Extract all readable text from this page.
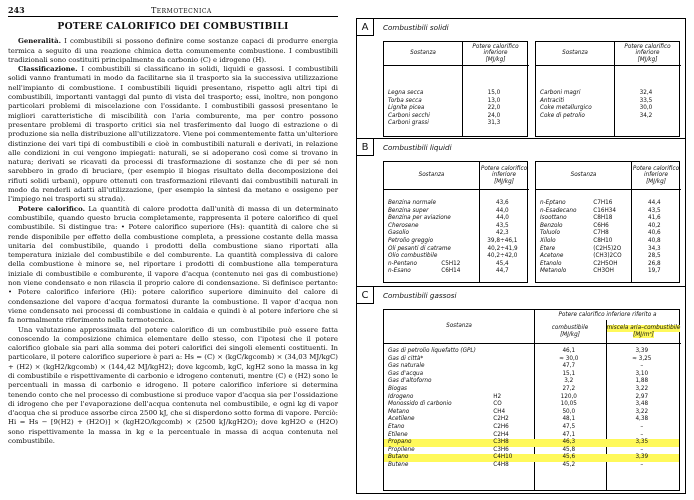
243	Termotecnica
POTERE CALORIFICO DEI COMBUSTIBILI

Generalità. I combustibili si possono definire come sostanze capaci di produrre energia termica a seguito di una reazione chimica detta comunemente combustione. I combustibili tradizionali sono costituiti principalmente da carbonio (C) e idrogeno (H).

Classificazione. I combustibili si classificano in solidi, liquidi e gassosi. I combustibili solidi vanno frantumati in modo da facilitarne sia il trasporto sia la successiva utilizzazione nell'impianto di combustione. I combustibili liquidi presentano, rispetto agli altri tipi di combustibili, importanti vantaggi dal punto di vista del trasporto; essi, inoltre, non pongono particolari problemi di miscelazione con l'ossidante. I combustibili gassosi presentano le migliori caratteristiche di miscibilità con l'aria comburente, ma per contro possono presentare problemi di trasporto critici sia nel trasferimento dal luogo di estrazione o di produzione sia nella distribuzione all'utilizzatore. Viene poi commentemente fatta un'ulteriore distinzione dei vari tipi di combustibili e cioè in combustibili naturali e derivati, in relazione alle condizioni in cui vengono impiegati: naturali, se si adoperano così come si trovano in natura; derivati se ricavati da processi di trasformazione di sostanze che di per sé non sarebbero in grado di bruciare, (per esempio il biogas risultato della decomposizione dei rifiuti solidi urbani), oppure ottenuti con trasformazioni rilevanti dai combustibili naturali in modo da renderli adatti all'utilizzazione, (per esempio la sintesi da metano e ossigeno per l'impiego nei trasporti su strada).

Potere calorifico. La quantità di calore prodotta dall'unità di massa di un determinato combustibile, quando questo brucia completamente, rappresenta il potere calorifico di quel combustibile. Si distingue tra: • Potere calorifico superiore (Hs): quantità di calore che si rende disponibile per effetto della combustione completa, a pressione costante della massa unitaria del combustibile, quando i prodotti della combustione siano riportati alla temperatura iniziale del combustibile e del comburente. La quantità complessiva di calore della combustione è minore se, nel riportare i prodotti di combustione alla temperatura iniziale di combustibile e comburente, il vapore d'acqua (contenuto nei gas di combustione) non viene condensato e non rilascia il proprio calore di condensazione. Si definisce pertanto: • Potere calorifico inferiore (Hi): potere calorifico superiore diminuito del calore di condensazione del vapore d'acqua formatosi durante la combustione. Il vapor d'acqua non viene condensato nei processi di combustione in caldaia e quindi è al potere inferiore che si fa normalmente riferimento nella termotecnica.

Una valutazione approssimata del potere calorifico di un combustibile può essere fatta conoscendo la composizione chimica elementare dello stesso, con l'ipotesi che il potere calorifico globale sia pari alla somma dei poteri calorifici dei singoli elementi costituenti. In particolare, il potere calorifico superiore è pari a: Hs = (C) × (kgC/kgcomb) × (34,03 MJ/kgC) + (H2) × (kgH2/kgcomb) × (144,42 MJ/kgH2); dove kgcomb, kgC, kgH2 sono la massa in kg di combustibile e rispettivamente di carbonio e idrogeno contenuti, mentre (C) e (H2) sono le percentuali in massa di carbonio e idrogeno. Il potere calorifico inferiore si determina tenendo conto che nel processo di combustione si produce vapor d'acqua sia per l'ossidazione di idrogeno che per l'evaporazione dell'acqua contenuta nel combustibile, e ogni kg di vapor d'acqua che si produce assorbe circa 2500 kJ, che si disperdono sotto forma di vapore. Perciò: Hi = Hs − [9(H2) + (H2O)] × (kgH2O/kgcomb) × (2500 kJ/kgH2O); dove kgH2O e (H2O) sono rispettivamente la massa in kg e la percentuale in massa di acqua contenuta nel combustibile.

A	Combustibili solidi
Sostanza
Potere calorifico inferiore
[MJ/kg]
Legna secca	15,0
Torba secca	13,0
Lignite picea	22,0
Carboni secchi	24,0
Carboni grassi	31,3
Sostanza
Potere calorifico inferiore
[MJ/kg]
Carboni magri	32,4
Antraciti	33,5
Coke metallurgico	30,0
Coke di petrolio	34,2
B	Combustibili liquidi
Sostanza
Potere calorifico inferiore
[MJ/kg]
Benzina normale	43,6
Benzina super	44,0
Benzina per aviazione	44,0
Cherosene	43,5
Gasolio	42,3
Petrolio greggio	39,8÷46,1
Oli pesanti di catrame	40,2÷41,9
Olio combustibile	40,2÷42,0
n-Pentano	C5H12	45,4
n-Esano	C6H14	44,7
Sostanza
Potere calorifico inferiore
[MJ/kg]
n-Eptano	C7H16	44,4
n-Esadecano	C16H34	43,5
Isoottano	C8H18	41,6
Benzolo	C6H6	40,2
Toluolo	C7H8	40,6
Xilolo	C8H10	40,8
Etere	(C2H5)2O	34,3
Acetone	(CH3)2CO	28,5
Etanolo	C2H5OH	26,8
Metanolo	CH3OH	19,7
C	Combustibili gassosi
Sostanza
Potere calorifico inferiore riferito a
combustibile
[MJ/kg]
miscela aria–combustibile
[MJ/m³]
Gas di petrolio liquefatto (GPL)	46,1	3,39
Gas di città*	≈ 30,0	≈ 3,25
Gas naturale	47,7	–
Gas d'acqua	15,1	3,10
Gas d'altoforno	3,2	1,88
Biogas	27,2	3,22
Idrogeno	H2	120,0	2,97
Monossido di carbonio	CO	10,05	3,48
Metano	CH4	50,0	3,22
Acetilene	C2H2	48,1	4,38
Etano	C2H6	47,5	–
Etilene	C2H4	47,1	–
Propano	C3H8	46,3	3,35
Propilene	C3H6	45,8	–
Butano	C4H10	45,6	3,39
Butene	C4H8	45,2	–
